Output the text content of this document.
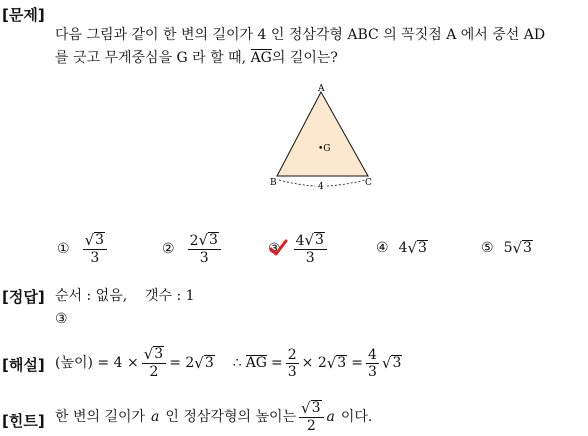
[문제]
다음 그림과 같이 한 변의 길이가 4 인 정삼각형 ABC 의 꼭짓점 A 에서 중선 AD
를 긋고 무게중심을 G 라 할 때, AG의 길이는?
A
B	C
•G
4
① $\frac{√ 3}{3}$	② $\frac{2 √ 3}{3}$	③ $\frac{4 √ 3}{3}$	④ 4 √ 3	⑤ 5 √ 3
[정답] 순서 : 없음,    갯수 : 1
③
[해설] (높이) = $4 \times \frac{√ 3}{2} = 2$ √ 3 ∴ AG = $\frac{2}{3} \times 2$ √ $3 = \frac{4}{3}$ √ 3
[힌트] 한 변의 길이가 a 인 정삼각형의 높이는 $\frac{√ 3}{2}$ a 이다.
